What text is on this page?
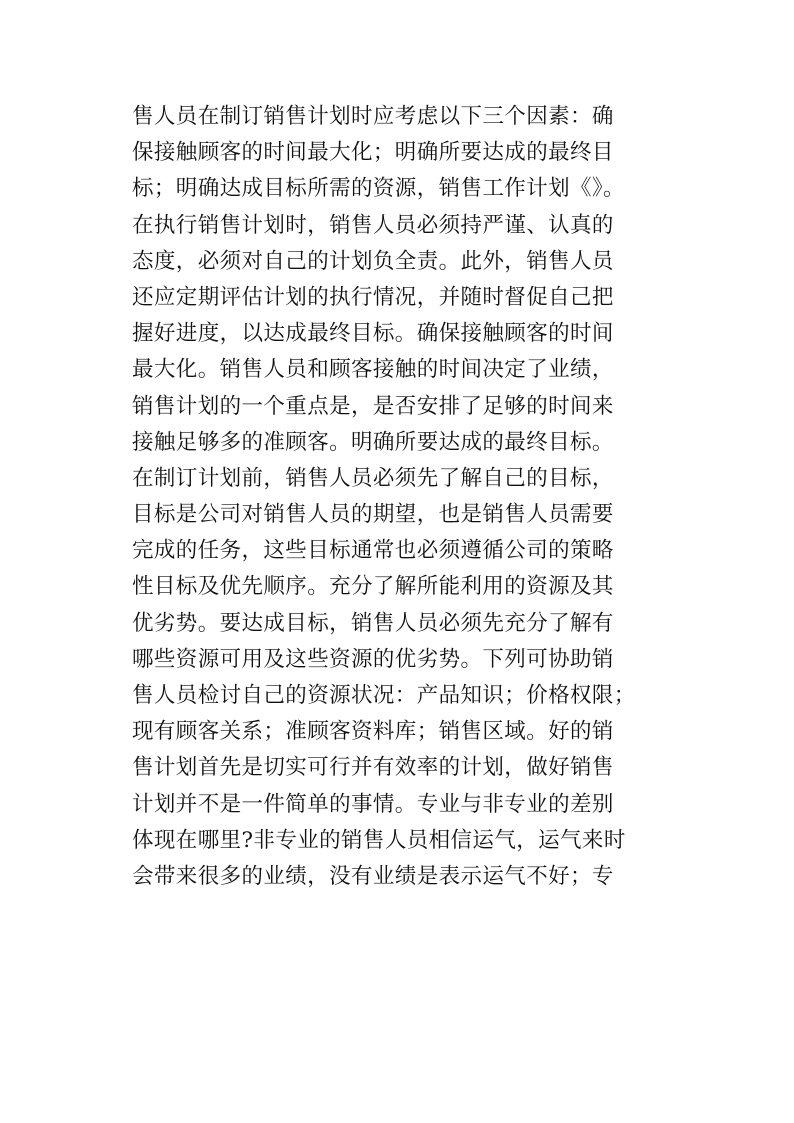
售人员在制订销售计划时应考虑以下三个因素：确
保接触顾客的时间最大化；明确所要达成的最终目
标；明确达成目标所需的资源，销售工作计划《》。
在执行销售计划时，销售人员必须持严谨、认真的
态度，必须对自己的计划负全责。此外，销售人员
还应定期评估计划的执行情况，并随时督促自己把
握好进度，以达成最终目标。确保接触顾客的时间
最大化。销售人员和顾客接触的时间决定了业绩，
销售计划的一个重点是，是否安排了足够的时间来
接触足够多的准顾客。明确所要达成的最终目标。
在制订计划前，销售人员必须先了解自己的目标，
目标是公司对销售人员的期望，也是销售人员需要
完成的任务，这些目标通常也必须遵循公司的策略
性目标及优先顺序。充分了解所能利用的资源及其
优劣势。要达成目标，销售人员必须先充分了解有
哪些资源可用及这些资源的优劣势。下列可协助销
售人员检讨自己的资源状况：产品知识；价格权限；
现有顾客关系；准顾客资料库；销售区域。好的销
售计划首先是切实可行并有效率的计划，做好销售
计划并不是一件简单的事情。专业与非专业的差别
体现在哪里?非专业的销售人员相信运气，运气来时
会带来很多的业绩，没有业绩是表示运气不好；专
